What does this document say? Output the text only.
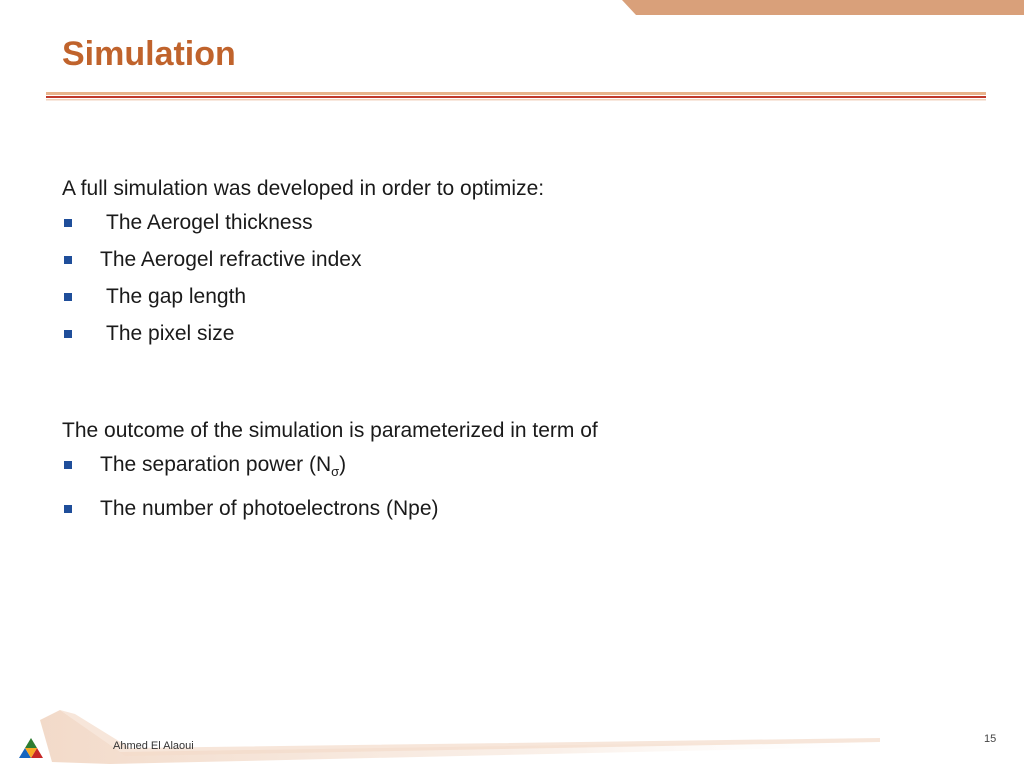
Simulation

A full simulation was developed in order to optimize:

The Aerogel thickness
The Aerogel refractive index
The gap length
The pixel size

The outcome of the simulation is parameterized in term of

The separation power $(N_\sigma)$
The number of photoelectrons (Npe)
Ahmed El Alaoui
15
